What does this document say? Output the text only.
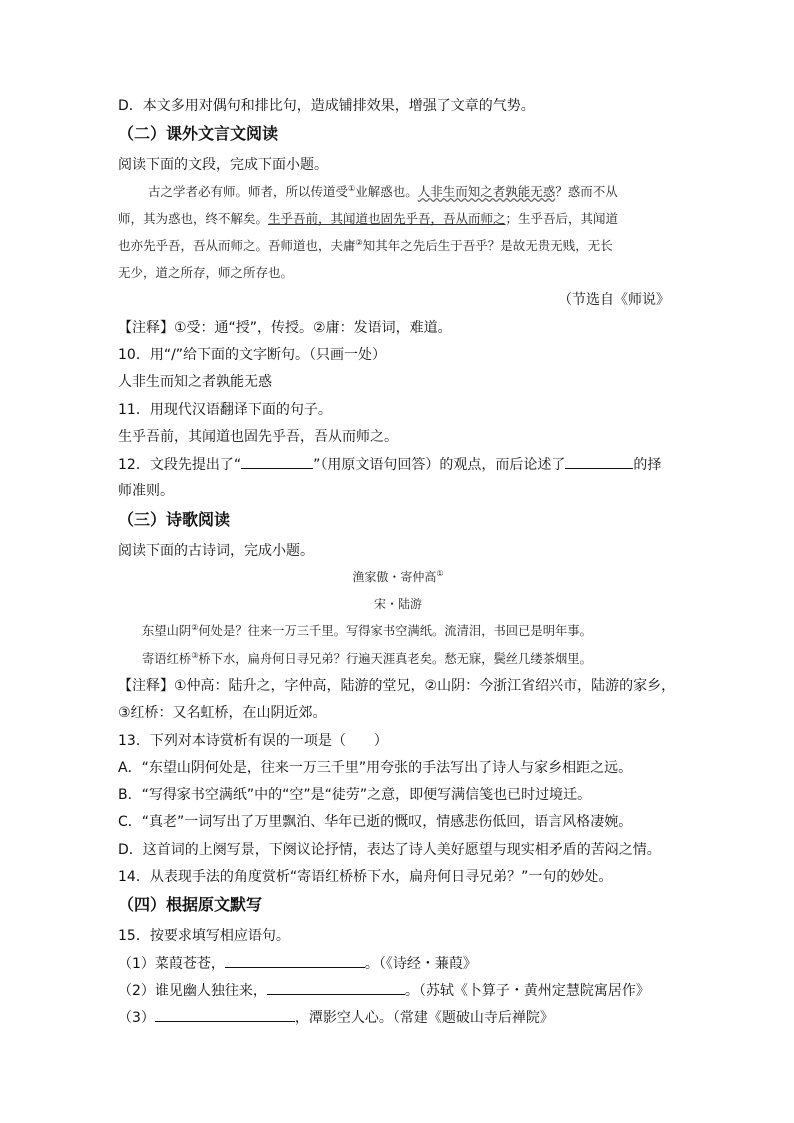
D．本文多用对偶句和排比句，造成铺排效果，增强了文章的气势。
（二）课外文言文阅读
阅读下面的文段，完成下面小题。
古之学者必有师。师者，所以传道受①业解惑也。人非生而知之者孰能无惑？惑而不从
师，其为惑也，终不解矣。生乎吾前，其闻道也固先乎吾，吾从而师之；生乎吾后，其闻道
也亦先乎吾，吾从而师之。吾师道也，夫庸②知其年之先后生于吾乎？是故无贵无贱，无长
无少，道之所存，师之所存也。
（节选自《师说》
【注释】①受：通“授”，传授。②庸：发语词，难道。
10．用“/”给下面的文字断句。（只画一处）
人非生而知之者孰能无惑
11．用现代汉语翻译下面的句子。
生乎吾前，其闻道也固先乎吾，吾从而师之。
12．文段先提出了“	”（用原文语句回答）的观点，而后论述了	的择
师准则。
（三）诗歌阅读
阅读下面的古诗词，完成小题。
渔家傲・寄仲高①
宋・陆游
东望山阴②何处是？往来一万三千里。写得家书空满纸。流清泪，书回已是明年事。
寄语红桥③桥下水，扁舟何日寻兄弟？行遍天涯真老矣。愁无寐，鬓丝几缕茶烟里。
【注释】①仲高：陆升之，字仲高，陆游的堂兄，②山阴：今浙江省绍兴市，陆游的家乡，
③红桥：又名虹桥，在山阴近郊。
13．下列对本诗赏析有误的一项是（　　）
A．“东望山阴何处是，往来一万三千里”用夸张的手法写出了诗人与家乡相距之远。
B．“写得家书空满纸”中的“空”是“徒劳”之意，即便写满信笺也已时过境迁。
C．“真老”一词写出了万里飘泊、华年已逝的慨叹，情感悲伤低回，语言风格凄婉。
D．这首词的上阕写景，下阕议论抒情，表达了诗人美好愿望与现实相矛盾的苦闷之情。
14．从表现手法的角度赏析“寄语红桥桥下水，扁舟何日寻兄弟？”一句的妙处。
（四）根据原文默写
15．按要求填写相应语句。
（1）菜葭苍苍，	。（《诗经・蒹葭》
（2）谁见幽人独往来，	。（苏轼《卜算子・黄州定慧院寓居作》
（3）	，潭影空人心。（常建《题破山寺后禅院》
